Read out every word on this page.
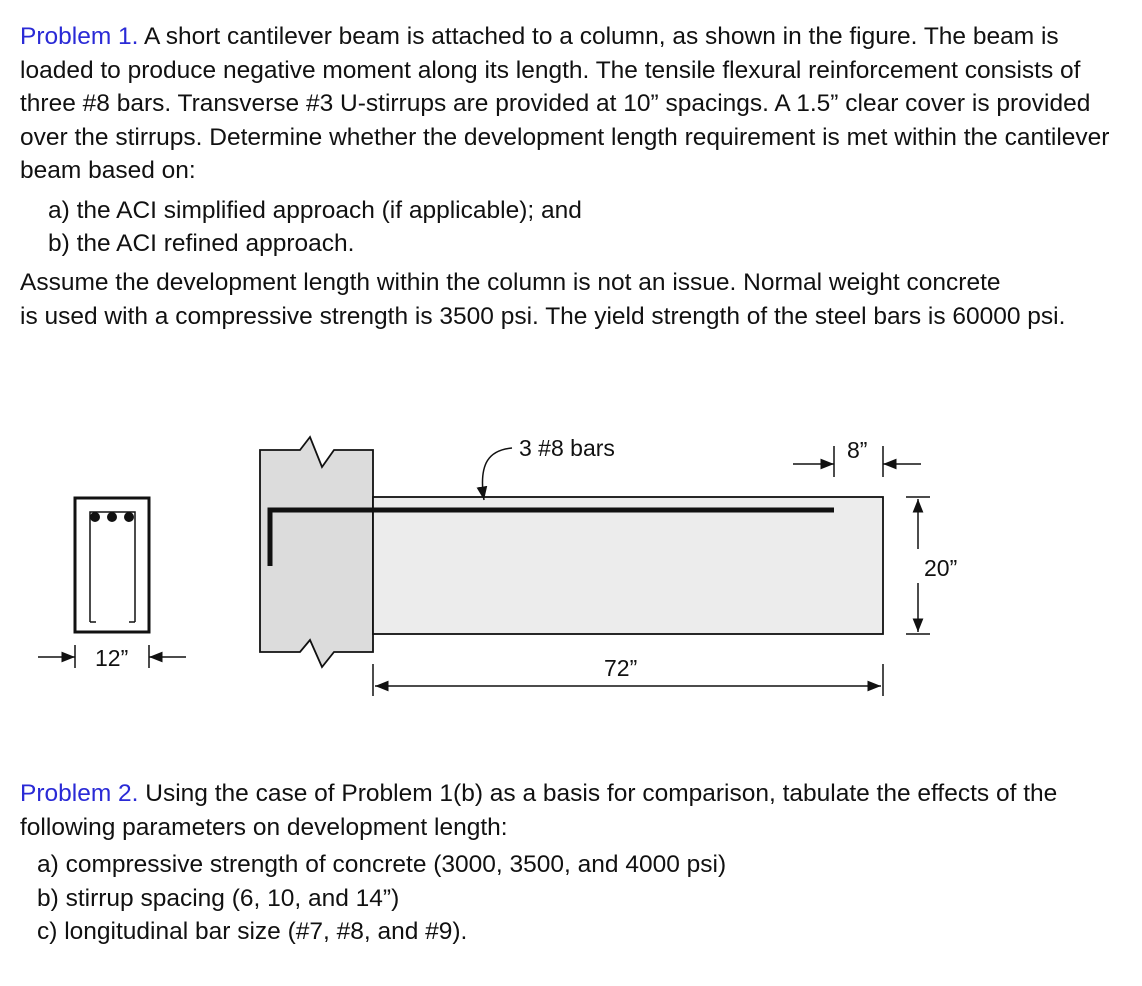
Problem 1. A short cantilever beam is attached to a column, as shown in the figure. The beam is loaded to produce negative moment along its length. The tensile flexural reinforcement consists of three #8 bars. Transverse #3 U-stirrups are provided at 10” spacings. A 1.5” clear cover is provided over the stirrups. Determine whether the development length requirement is met within the cantilever beam based on:

a) the ACI simplified approach (if applicable); and
b) the ACI refined approach.
Assume the development length within the column is not an issue. Normal weight concrete
is used with a compressive strength is 3500 psi. The yield strength of the steel bars is 60000 psi.
12”
3 #8 bars	8”
20”
72”

Problem 2. Using the case of Problem 1(b) as a basis for comparison, tabulate the effects of the following parameters on development length:

a) compressive strength of concrete (3000, 3500, and 4000 psi)
b) stirrup spacing (6, 10, and 14”)
c) longitudinal bar size (#7, #8, and #9).
